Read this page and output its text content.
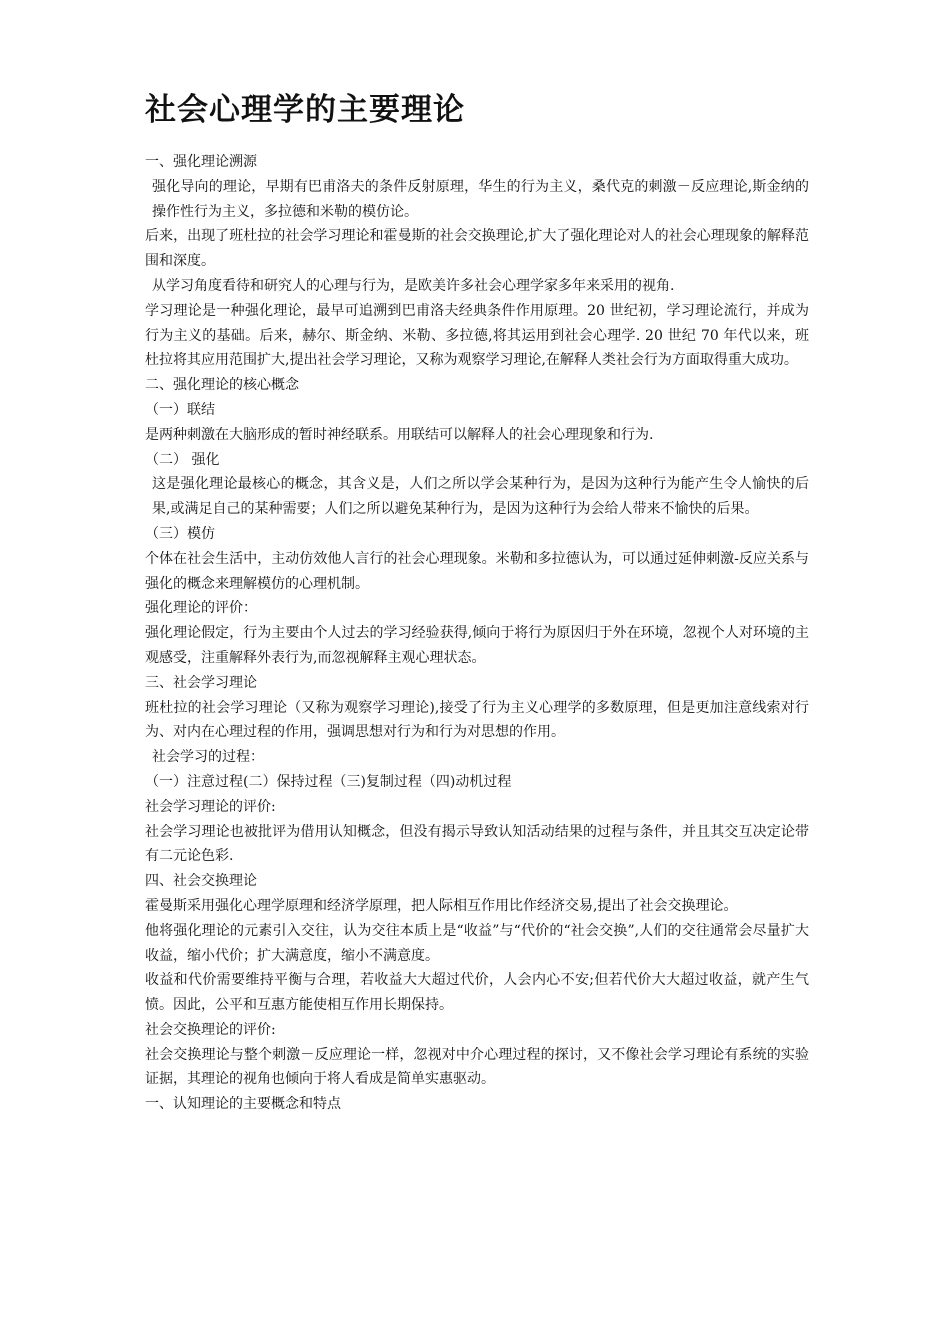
社会心理学的主要理论

一、强化理论溯源

强化导向的理论，早期有巴甫洛夫的条件反射原理，华生的行为主义，桑代克的刺激－反应理论,斯金纳的操作性行为主义，多拉德和米勒的模仿论。

后来，出现了班杜拉的社会学习理论和霍曼斯的社会交换理论,扩大了强化理论对人的社会心理现象的解释范围和深度。

从学习角度看待和研究人的心理与行为，是欧美许多社会心理学家多年来采用的视角.

学习理论是一种强化理论，最早可追溯到巴甫洛夫经典条件作用原理。20 世纪初，学习理论流行，并成为行为主义的基础。后来，赫尔、斯金纳、米勒、多拉德,将其运用到社会心理学. 20 世纪 70 年代以来，班杜拉将其应用范围扩大,提出社会学习理论，又称为观察学习理论,在解释人类社会行为方面取得重大成功。

二、强化理论的核心概念

（一）联结

是两种刺激在大脑形成的暂时神经联系。用联结可以解释人的社会心理现象和行为.

（二） 强化

这是强化理论最核心的概念，其含义是，人们之所以学会某种行为，是因为这种行为能产生令人愉快的后果,或满足自己的某种需要；人们之所以避免某种行为，是因为这种行为会给人带来不愉快的后果。

（三）模仿

个体在社会生活中，主动仿效他人言行的社会心理现象。米勒和多拉德认为，可以通过延伸刺激-反应关系与强化的概念来理解模仿的心理机制。

强化理论的评价：

强化理论假定，行为主要由个人过去的学习经验获得,倾向于将行为原因归于外在环境，忽视个人对环境的主观感受，注重解释外表行为,而忽视解释主观心理状态。

三、社会学习理论

班杜拉的社会学习理论（又称为观察学习理论),接受了行为主义心理学的多数原理，但是更加注意线索对行为、对内在心理过程的作用，强调思想对行为和行为对思想的作用。

社会学习的过程：

（一）注意过程(二）保持过程（三)复制过程（四)动机过程

社会学习理论的评价:

社会学习理论也被批评为借用认知概念，但没有揭示导致认知活动结果的过程与条件，并且其交互决定论带有二元论色彩.

四、社会交换理论

霍曼斯采用强化心理学原理和经济学原理，把人际相互作用比作经济交易,提出了社会交换理论。

他将强化理论的元素引入交往，认为交往本质上是“收益”与“代价的“社会交换”,人们的交往通常会尽量扩大收益，缩小代价；扩大满意度，缩小不满意度。

收益和代价需要维持平衡与合理，若收益大大超过代价，人会内心不安;但若代价大大超过收益，就产生气愤。因此，公平和互惠方能使相互作用长期保持。

社会交换理论的评价:

社会交换理论与整个刺激－反应理论一样，忽视对中介心理过程的探讨，又不像社会学习理论有系统的实验证据，其理论的视角也倾向于将人看成是简单实惠驱动。

一、认知理论的主要概念和特点
